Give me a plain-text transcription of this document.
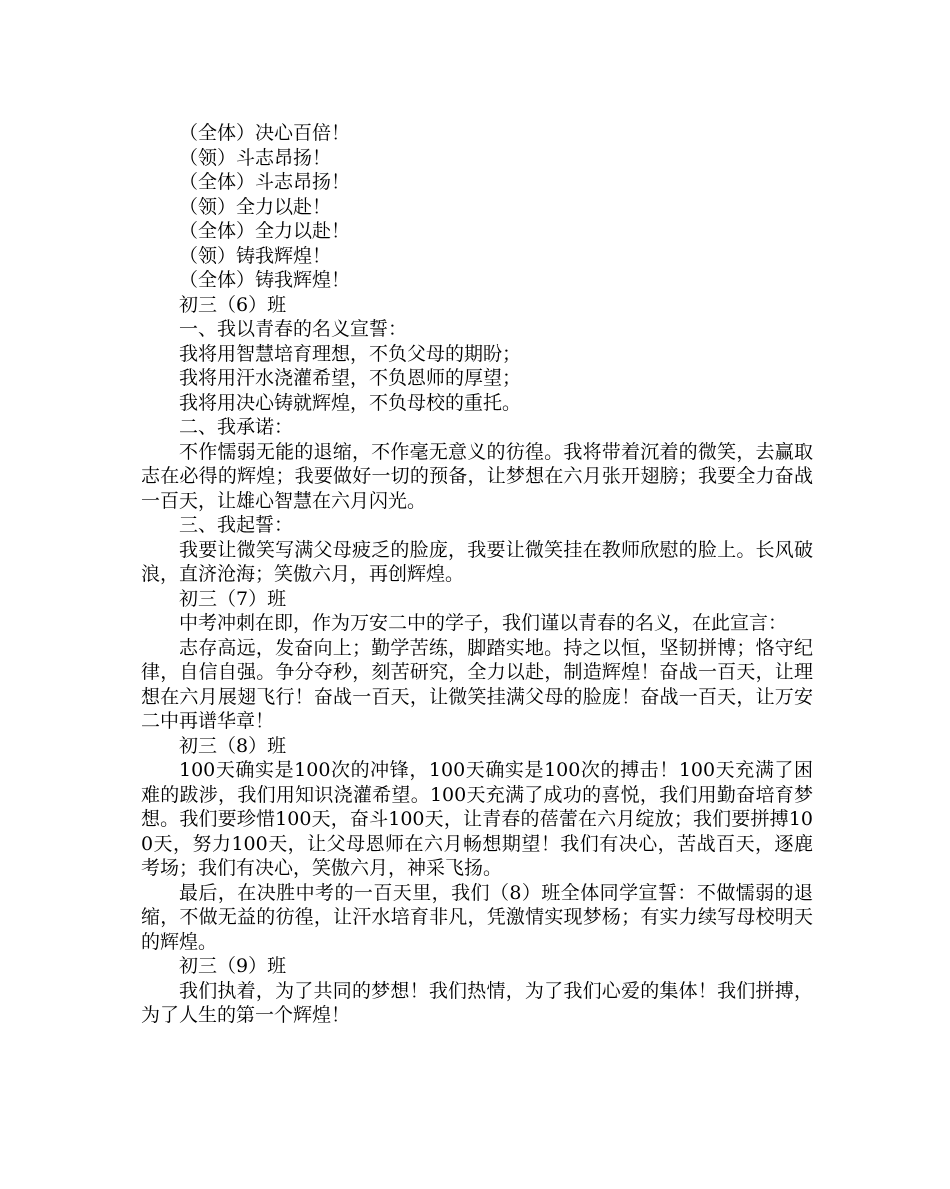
（全体）决心百倍！

（领）斗志昂扬！

（全体）斗志昂扬！

（领）全力以赴！

（全体）全力以赴！

（领）铸我辉煌！

（全体）铸我辉煌！

初三（6）班

一、我以青春的名义宣誓：

我将用智慧培育理想，不负父母的期盼；

我将用汗水浇灌希望，不负恩师的厚望；

我将用决心铸就辉煌，不负母校的重托。

二、我承诺：

不作懦弱无能的退缩，不作毫无意义的彷徨。我将带着沉着的微笑，去赢取志在必得的辉煌；我要做好一切的预备，让梦想在六月张开翅膀；我要全力奋战一百天，让雄心智慧在六月闪光。

三、我起誓：

我要让微笑写满父母疲乏的脸庞，我要让微笑挂在教师欣慰的脸上。长风破浪，直济沧海；笑傲六月，再创辉煌。

初三（7）班

中考冲刺在即，作为万安二中的学子，我们谨以青春的名义，在此宣言：

志存高远，发奋向上；勤学苦练，脚踏实地。持之以恒，坚韧拼博；恪守纪律，自信自强。争分夺秒，刻苦研究，全力以赴，制造辉煌！奋战一百天，让理想在六月展翅飞行！奋战一百天，让微笑挂满父母的脸庞！奋战一百天，让万安二中再谱华章！

初三（8）班

100天确实是100次的冲锋，100天确实是100次的搏击！100天充满了困难的跋涉，我们用知识浇灌希望。100天充满了成功的喜悦，我们用勤奋培育梦想。我们要珍惜100天，奋斗100天，让青春的蓓蕾在六月绽放；我们要拼搏100天，努力100天，让父母恩师在六月畅想期望！我们有决心，苦战百天，逐鹿考场；我们有决心，笑傲六月，神采飞扬。

最后，在决胜中考的一百天里，我们（8）班全体同学宣誓：不做懦弱的退缩，不做无益的彷徨，让汗水培育非凡，凭激情实现梦杨；有实力续写母校明天的辉煌。

初三（9）班

我们执着，为了共同的梦想！我们热情，为了我们心爱的集体！我们拼搏，为了人生的第一个辉煌！
